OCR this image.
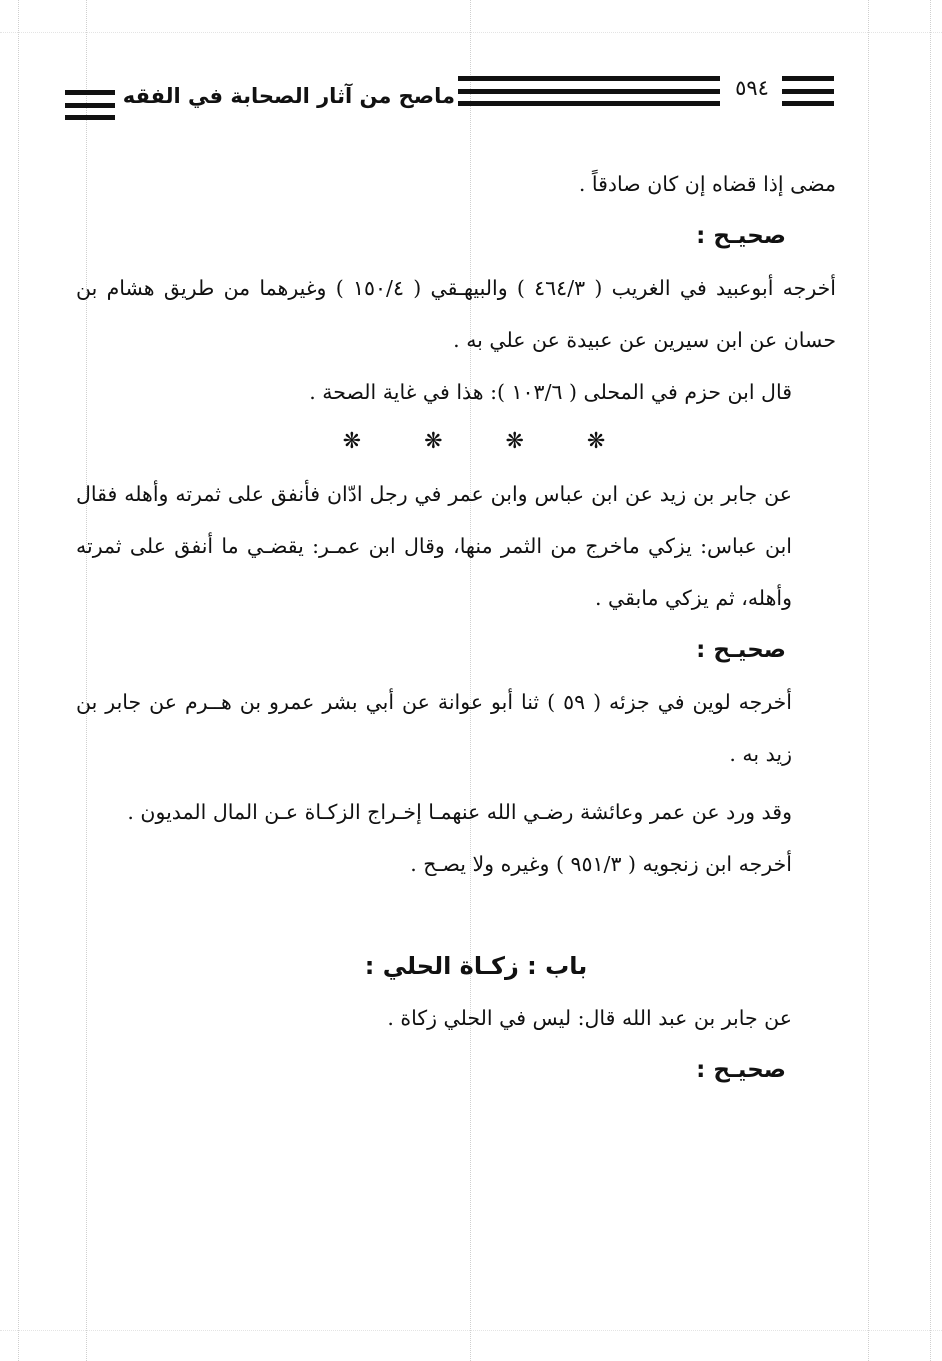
ماصح من آثار الصحابة في الفقه	٥٩٤

مضى إذا قضاه إن كان صادقاً .

صحيـح :

أخرجه أبوعبيد في الغريب ( ٤٦٤/٣ ) والبيهـقي ( ١٥٠/٤ ) وغيرهما من طريق هشام بن حسان عن ابن سيرين عن عبيدة عن علي به .

قال ابن حزم في المحلى ( ١٠٣/٦ ): هذا في غاية الصحة .

❋ ❋ ❋ ❋

عن جابر بن زيد عن ابن عباس وابن عمر في رجل ادّان فأنفق على ثمرته وأهله فقال ابن عباس: يزكي ماخرج من الثمر منها، وقال ابن عمـر: يقضـي ما أنفق على ثمرته وأهله، ثم يزكي مابقي .

صحيـح :

أخرجه لوين في جزئه ( ٥٩ ) ثنا أبو عوانة عن أبي بشر عمرو بن هــرم عن جابر بن زيد به .

وقد ورد عن عمر وعائشة رضـي الله عنهمـا إخـراج الزكـاة عـن المال المديون .

أخرجه ابن زنجويه ( ٩٥١/٣ ) وغيره ولا يصـح .

باب : زكـاة الحلي :

عن جابر بن عبد الله قال: ليس في الحلي زكاة .

صحيـح :
